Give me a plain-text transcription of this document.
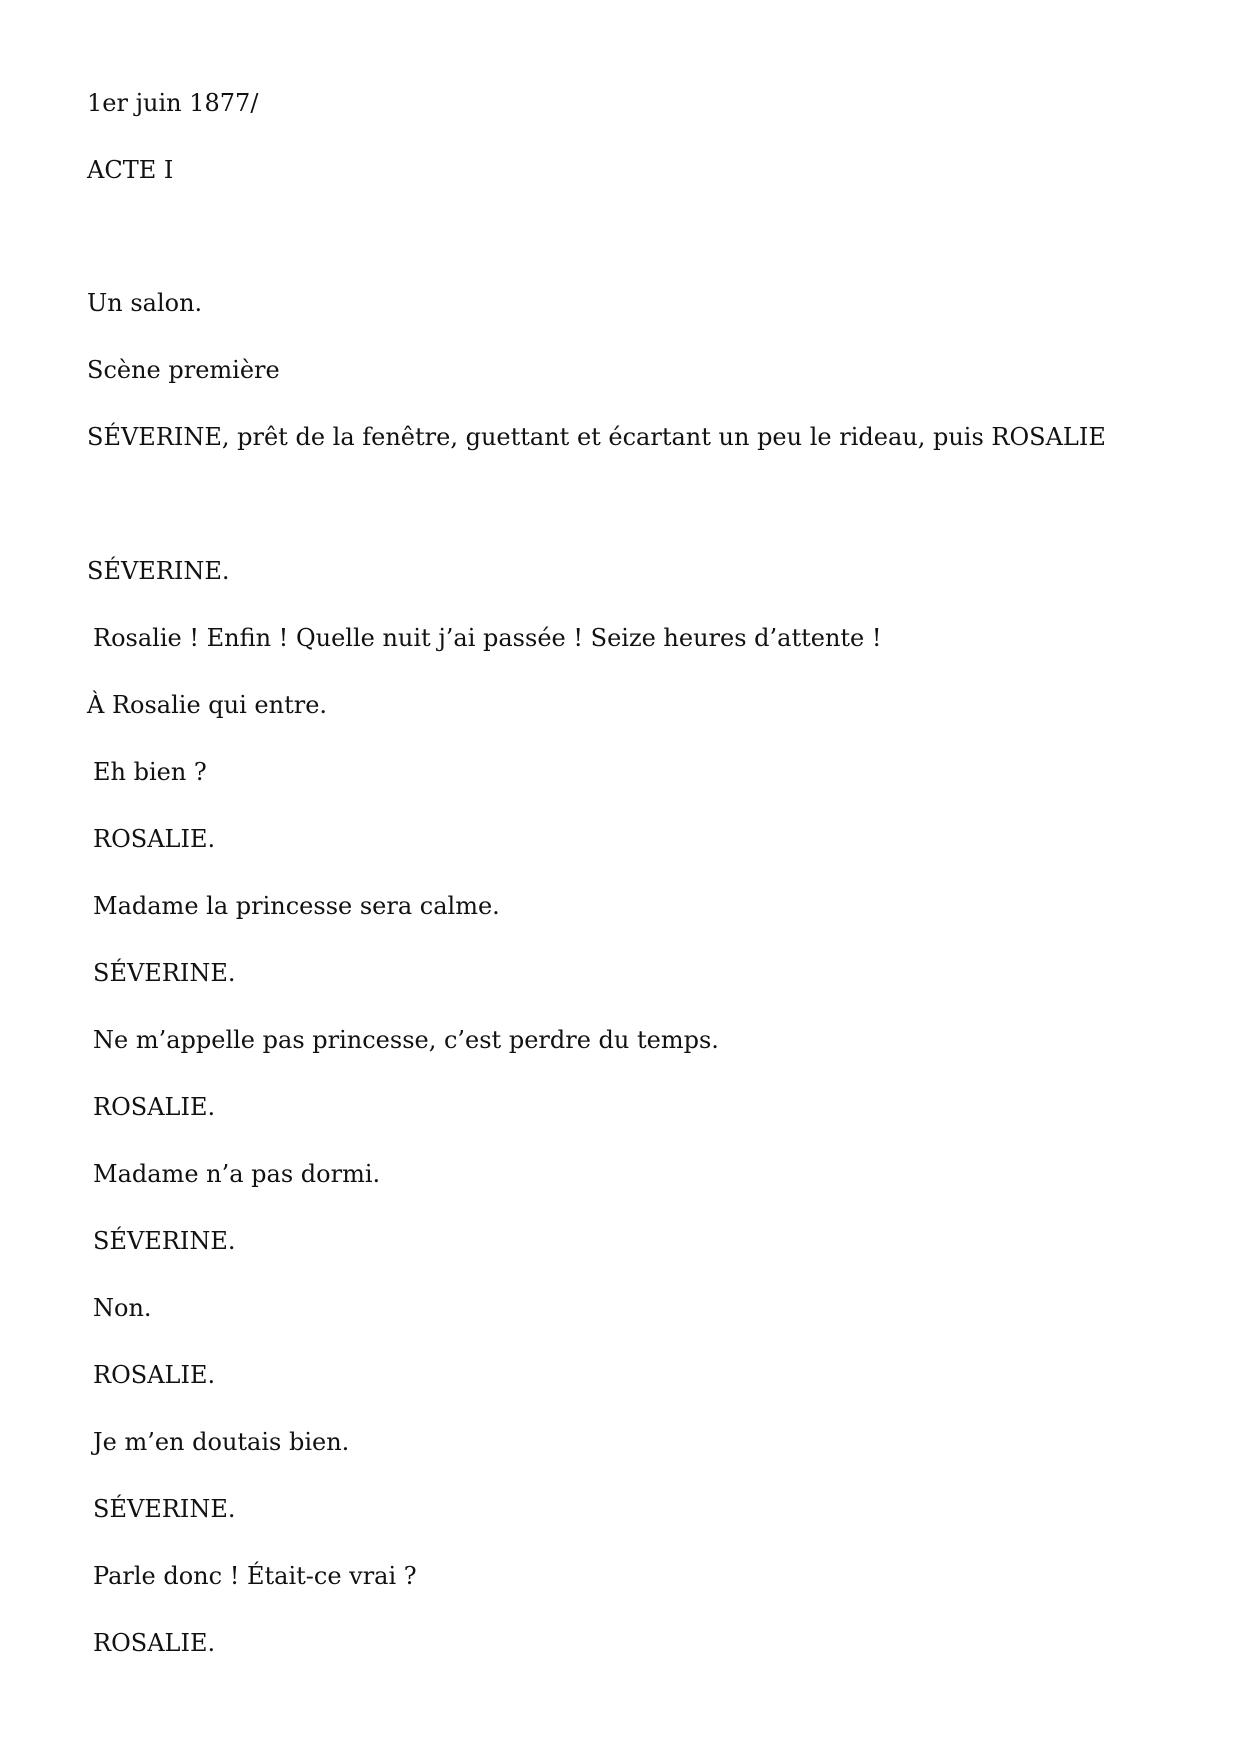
1er juin 1877/
ACTE I
Un salon.
Scène première
SÉVERINE, prêt de la fenêtre, guettant et écartant un peu le rideau, puis ROSALIE
SÉVERINE.
Rosalie ! Enfin ! Quelle nuit j’ai passée ! Seize heures d’attente !
À Rosalie qui entre.
Eh bien ?
ROSALIE.
Madame la princesse sera calme.
SÉVERINE.
Ne m’appelle pas princesse, c’est perdre du temps.
ROSALIE.
Madame n’a pas dormi.
SÉVERINE.
Non.
ROSALIE.
Je m’en doutais bien.
SÉVERINE.
Parle donc ! Était-ce vrai ?
ROSALIE.
